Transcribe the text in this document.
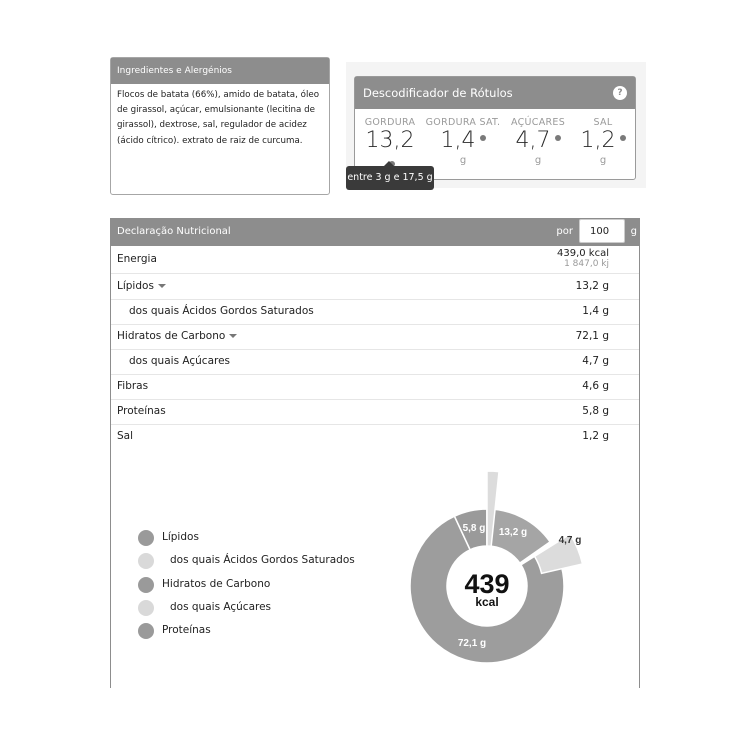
Ingredientes e Alergénios
Flocos de batata (66%), amido de batata, óleo de girassol, açúcar, emulsionante (lecitina de girassol), dextrose, sal, regulador de acidez (ácido cítrico). extrato de raiz de curcuma.
Descodificador de Rótulos	?
GORDURA
13,2
GORDURA SAT.
1,4
g
AÇÚCARES
4,7
g
SAL
1,2
g
entre 3 g e 17,5 g
Declaração Nutricional	por	100	g
Energia	439,0 kcal
1 847,0 kj
Lípidos	13,2 g
dos quais Ácidos Gordos Saturados	1,4 g
Hidratos de Carbono	72,1 g
dos quais Açúcares	4,7 g
Fibras	4,6 g
Proteínas	5,8 g
Sal	1,2 g
Lípidos
dos quais Ácidos Gordos Saturados
Hidratos de Carbono
dos quais Açúcares
Proteínas
439
kcal
13,2 g
4,7 g
72,1 g
5,8 g
